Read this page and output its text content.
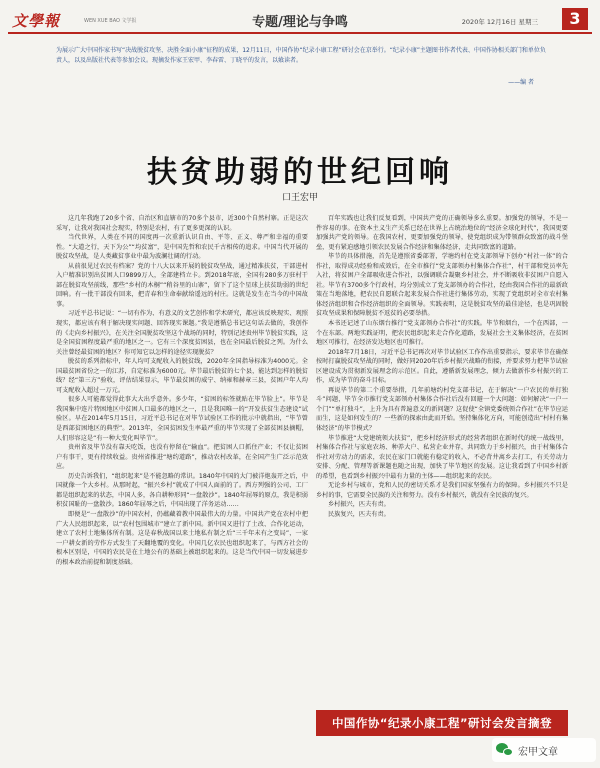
文學報	WEN XUE BAO 文学报	专题/理论与争鸣	2020年 12月16日 星期三	3
为展示广大中国作家书写“决战脱贫攻坚、决胜全面小康”征程的成果，12月11日，中国作协“纪录小康工程”研讨会在京举行。“纪录小康”主题图书作者代表、中国作协相关部门和单位负责人，以及出版社代表等参加会议。现摘发作家王宏甲、李春雷、丁晓平的发言，以飨读者。
——编 者
扶贫助弱的世纪回响
口王宏甲

这几年我跑了20多个省、自治区和直辖市的70多个县市，近300个自然村寨。正是这次采写，让我对我国社会现实，特别是农村，有了更多更深的认识。

当代世界，人类在不同的国度再一次重新认识自由、平等、正义、尊严和幸福的重要性。“大道之行，天下为公”“均贫富”，是中国先哲和农民千古相传的追求。中国当代开展的脱贫攻坚战，是人类藏贫事业中最为波澜壮阔的行动。

从前很见过农民有档案？党的十八大以来开展的脱贫攻坚战，通过精准扶贫，干部进村入户精准识别出贫困人口9899万人，全部建档立卡。到2018年底，全国有280多万驻村干部在脱贫攻坚前线，那些“乡村的木桐”“稍谷里的山寨”，留下了这个星球上扶贫助弱的世纪回响。有一批干部没有回来，把青春和生命奉献给遥远的村庄。这就是发生在当今的中国故事。

习近平总书记说：“一切有作为、有意义的文艺创作和学术研究，都应该反映现实、观照现实，都应该有利于解决现实问题、回答现实课题。”我是遵循总书记这句话去做的，我创作的《走向乡村振兴》，在关注全国脱贫攻坚这个战场的同时，特别记述贵州毕节脱贫实践，这是全国贫困程度最严重的地区之一。它有三个深度贫困县，也在全国最后脱贫之列。为什么关注曾经最贫困的地区？你可知它以怎样的途径实现脱贫？

脱贫的系列指标中，年人均可支配收入的脱贫线，2020年全国指导标准为4000元。全国最贫困省份之一的江苏，自定标准为6000元。毕节最后脱贫的七个县，能达到怎样的脱贫线？经“第三方”验收，评估结果显示，毕节最贫困的威宁、纳雍和赫章三县，贫困户年人均可支配收入超过一万元。

很多人可能都觉得此事大大出乎意外。多少年，“贫困的标签就贴在毕节脸上”。毕节是我国集中连片特困地区中贫困人口最多的地区之一，且是我国唯一的“开发扶贫生态建设”试验区。早在2014年5月15日，习近平总书记在对毕节试验区工作的批示中就指出，“毕节曾是西部贫困地区的典型”。2013年，全国贫困发生率最严重的毕节实现了全部贫困县摘帽，人们形容这是“有一种大变化叫毕节”。

贵州省及毕节没有靠天吃饭，也没有停留在“输血”。把贫困人口抓住产业；不仅让贫困户有事干，更有持续收益。贵州省推进“塘约道路”，推动农村改革，在全国产生广泛示范效应。

历史告诉我们，“组织起来”是不能忽略的常识。1840年中国的大门被洋炮轰开之后，中国就像一个大乡村。从那时起，“振兴乡村”就成了中国人面前的了。西方列强的公司、工厂都是组织起来的状态，中国人多，各自耕种形同“一盘散沙”。1840年屈辱的原点，我是积弱积贫国耻的一盘散沙。1860年屈辱之后，中国出现了洋务运动……

即便是“一盘散沙”的中国农村，仍蕴藏着教中国最伟大的力量。中国共产党在农村中把广大人民组织起来，以“农村包围城市”建立了新中国。新中国又进行了土改、合作化运动，建立了农村土地集体所有制。这是春秋战国以来土地私有制之后“三千年未有之变局”，一家一户耕女新的劳作方式发生了天翻地覆的变化。中国几亿农民也组织起来了，与西方社会的根本区别是，中国的农民是在土地公有的基础上被组织起来的。这是当代中国一切发展进步的根本政治前提和制度基础。

百年实践也让我们反复看到，中国共产党的正确领导多么重要。加强党的领导，不是一件容易的事。在资本主义生产关系已经在世界上占统治地位的“经济全球化时代”，我国更要加强共产党的领导。在我国农村，更要加强党的领导，使党组织成为带领群众致富的战斗堡垒，更有紧迫感地引领农民发展合作经济和集体经济，走共同致富的道路。

毕节的具体措施，首先是遵照省委部署，学塘约村在党支部领导下创办“村社一体”的合作社，取得成功经验和成效后，在全市推行“党支部领办村集体合作社”，村干部和党员率先入社，将贫困户全部吸收进合作社，以强调联合凝聚乡村社会，并不断吸收非贫困户自愿入社。毕节有3700多个行政村，均分别成立了党支部领办的合作社，经由我国合作社的最新政策在当地落地，把农民自愿联合起来发展合作社进行集体劳动，实现了党组织对全市农村集体经济组织和合作经济组织的全面领导。实践表明，这是脱贫攻坚的最佳途径，也是巩固脱贫攻坚成果和保障脱贫不返贫的必要举措。

本书还记述了山东烟台推行“党支部领办合作社”的实践。毕节和烟台，一个在西部，一个在东部。两地实践证明，把农民组织起来走合作化道路，发展社会主义集体经济，在贫困地区可推行，在经济发达地区也可推行。

2018年7月18日，习近平总书记再次对毕节试验区工作作出重要指示，要求毕节在确保按时打赢脱贫攻坚战的同时，做好同2020年后乡村振兴战略的衔接，并要求努力把毕节试验区建设成为贯彻新发展理念的示范区。自此，遵循新发展理念，倾力去做新作乡村振兴的工作，成为毕节的奋斗目标。

再说毕节的第二个重要举措，几年前塘约村党支部书记，在于解决“一户农民的单打独斗”问题，毕节全市推行党支部领办村集体合作社后没有回避一个大问题：如何解决“一户一个门”“单打独斗”，上升为具有普遍意义的新问题？这促使“全镇党委统领合作社”在毕节应运而生，这是如何发生的？一些新的探索由此而开始。坚持集体化方向，可能创造出“村村有集体经济”的毕节模式？

毕节推进“大党建统领大扶贫”，把乡村经济形式的经营者组织在新时代的统一战线里，村集体合作社与家庭农场、种养大户、私营企业并存，共同致力于乡村振兴，由于村集体合作社对劳动力的需求，农民在家门口就能有稳定的收入，不必背井离乡去打工，有关劳动力安排、分配、管理等新课题也随之出现，加快了毕节地区的发展。这让我看到了中国乡村新的希望，也看到乡村振兴中最有力量的主体——组织起来的农民。

无论乡村与城市，党和人民的密切关系才是我们国家坚强有力的保障。乡村振兴不只是乡村的事，它需要全民族的关注和努力。没有乡村振兴，就没有全民族的复兴。

乡村振兴，匹夫有责。

民族复兴，匹夫有责。

中国作协“纪录小康工程”研讨会发言摘登
宏甲文章
